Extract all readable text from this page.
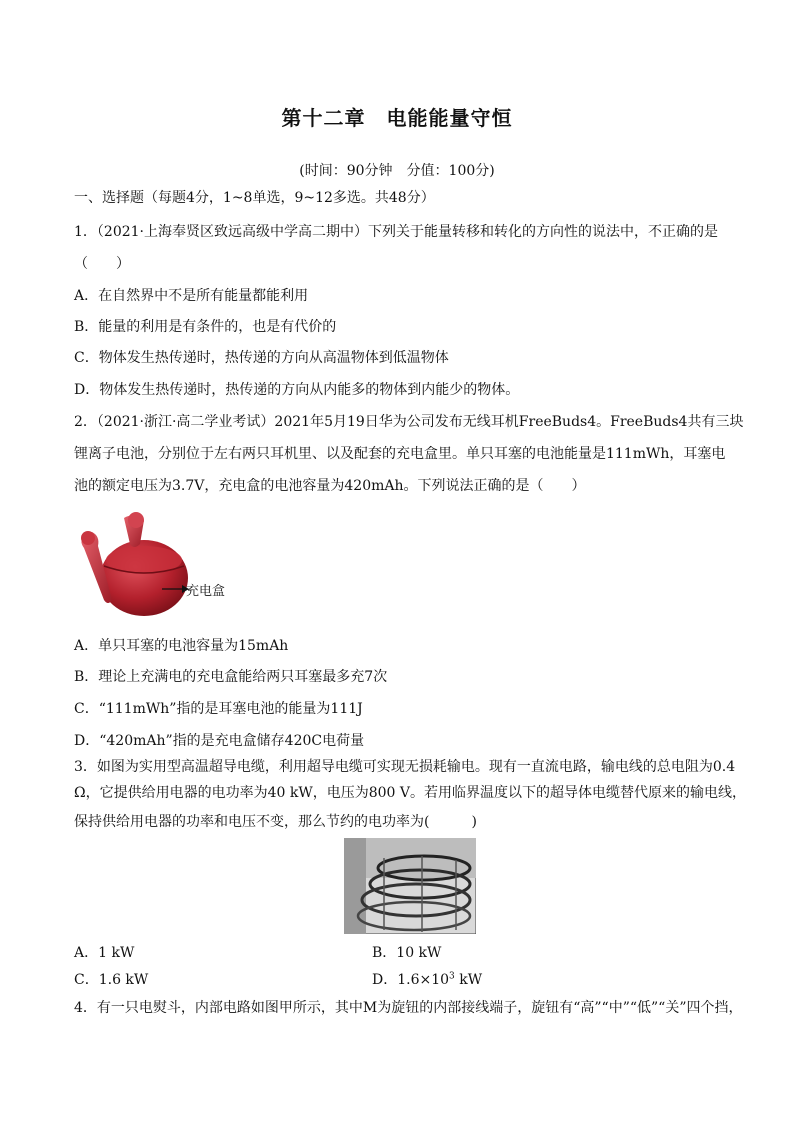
第十二章　电能能量守恒
(时间：90分钟　分值：100分)
一、选择题（每题4分，1~8单选，9~12多选。共48分）
1．（2021·上海奉贤区致远高级中学高二期中）下列关于能量转移和转化的方向性的说法中，不正确的是
（　　）
A．在自然界中不是所有能量都能利用
B．能量的利用是有条件的，也是有代价的
C．物体发生热传递时，热传递的方向从高温物体到低温物体
D．物体发生热传递时，热传递的方向从内能多的物体到内能少的物体。
2．（2021·浙江·高二学业考试）2021年5月19日华为公司发布无线耳机FreeBuds4。FreeBuds4共有三块
锂离子电池，分别位于左右两只耳机里、以及配套的充电盒里。单只耳塞的电池能量是111mWh，耳塞电
池的额定电压为3.7V，充电盒的电池容量为420mAh。下列说法正确的是（　　）
充电盒
A．单只耳塞的电池容量为15mAh
B．理论上充满电的充电盒能给两只耳塞最多充7次
C．“111mWh”指的是耳塞电池的能量为111J
D．“420mAh”指的是充电盒储存420C电荷量
3．如图为实用型高温超导电缆，利用超导电缆可实现无损耗输电。现有一直流电路，输电线的总电阻为0.4
Ω，它提供给用电器的电功率为40 kW，电压为800 V。若用临界温度以下的超导体电缆替代原来的输电线，
保持供给用电器的功率和电压不变，那么节约的电功率为(　　　)
A．1 kW	B．10 kW
C．1.6 kW	D．$1.6\times 10^3$ kW
4．有一只电熨斗，内部电路如图甲所示，其中M为旋钮的内部接线端子，旋钮有“高”“中”“低”“关”四个挡，
